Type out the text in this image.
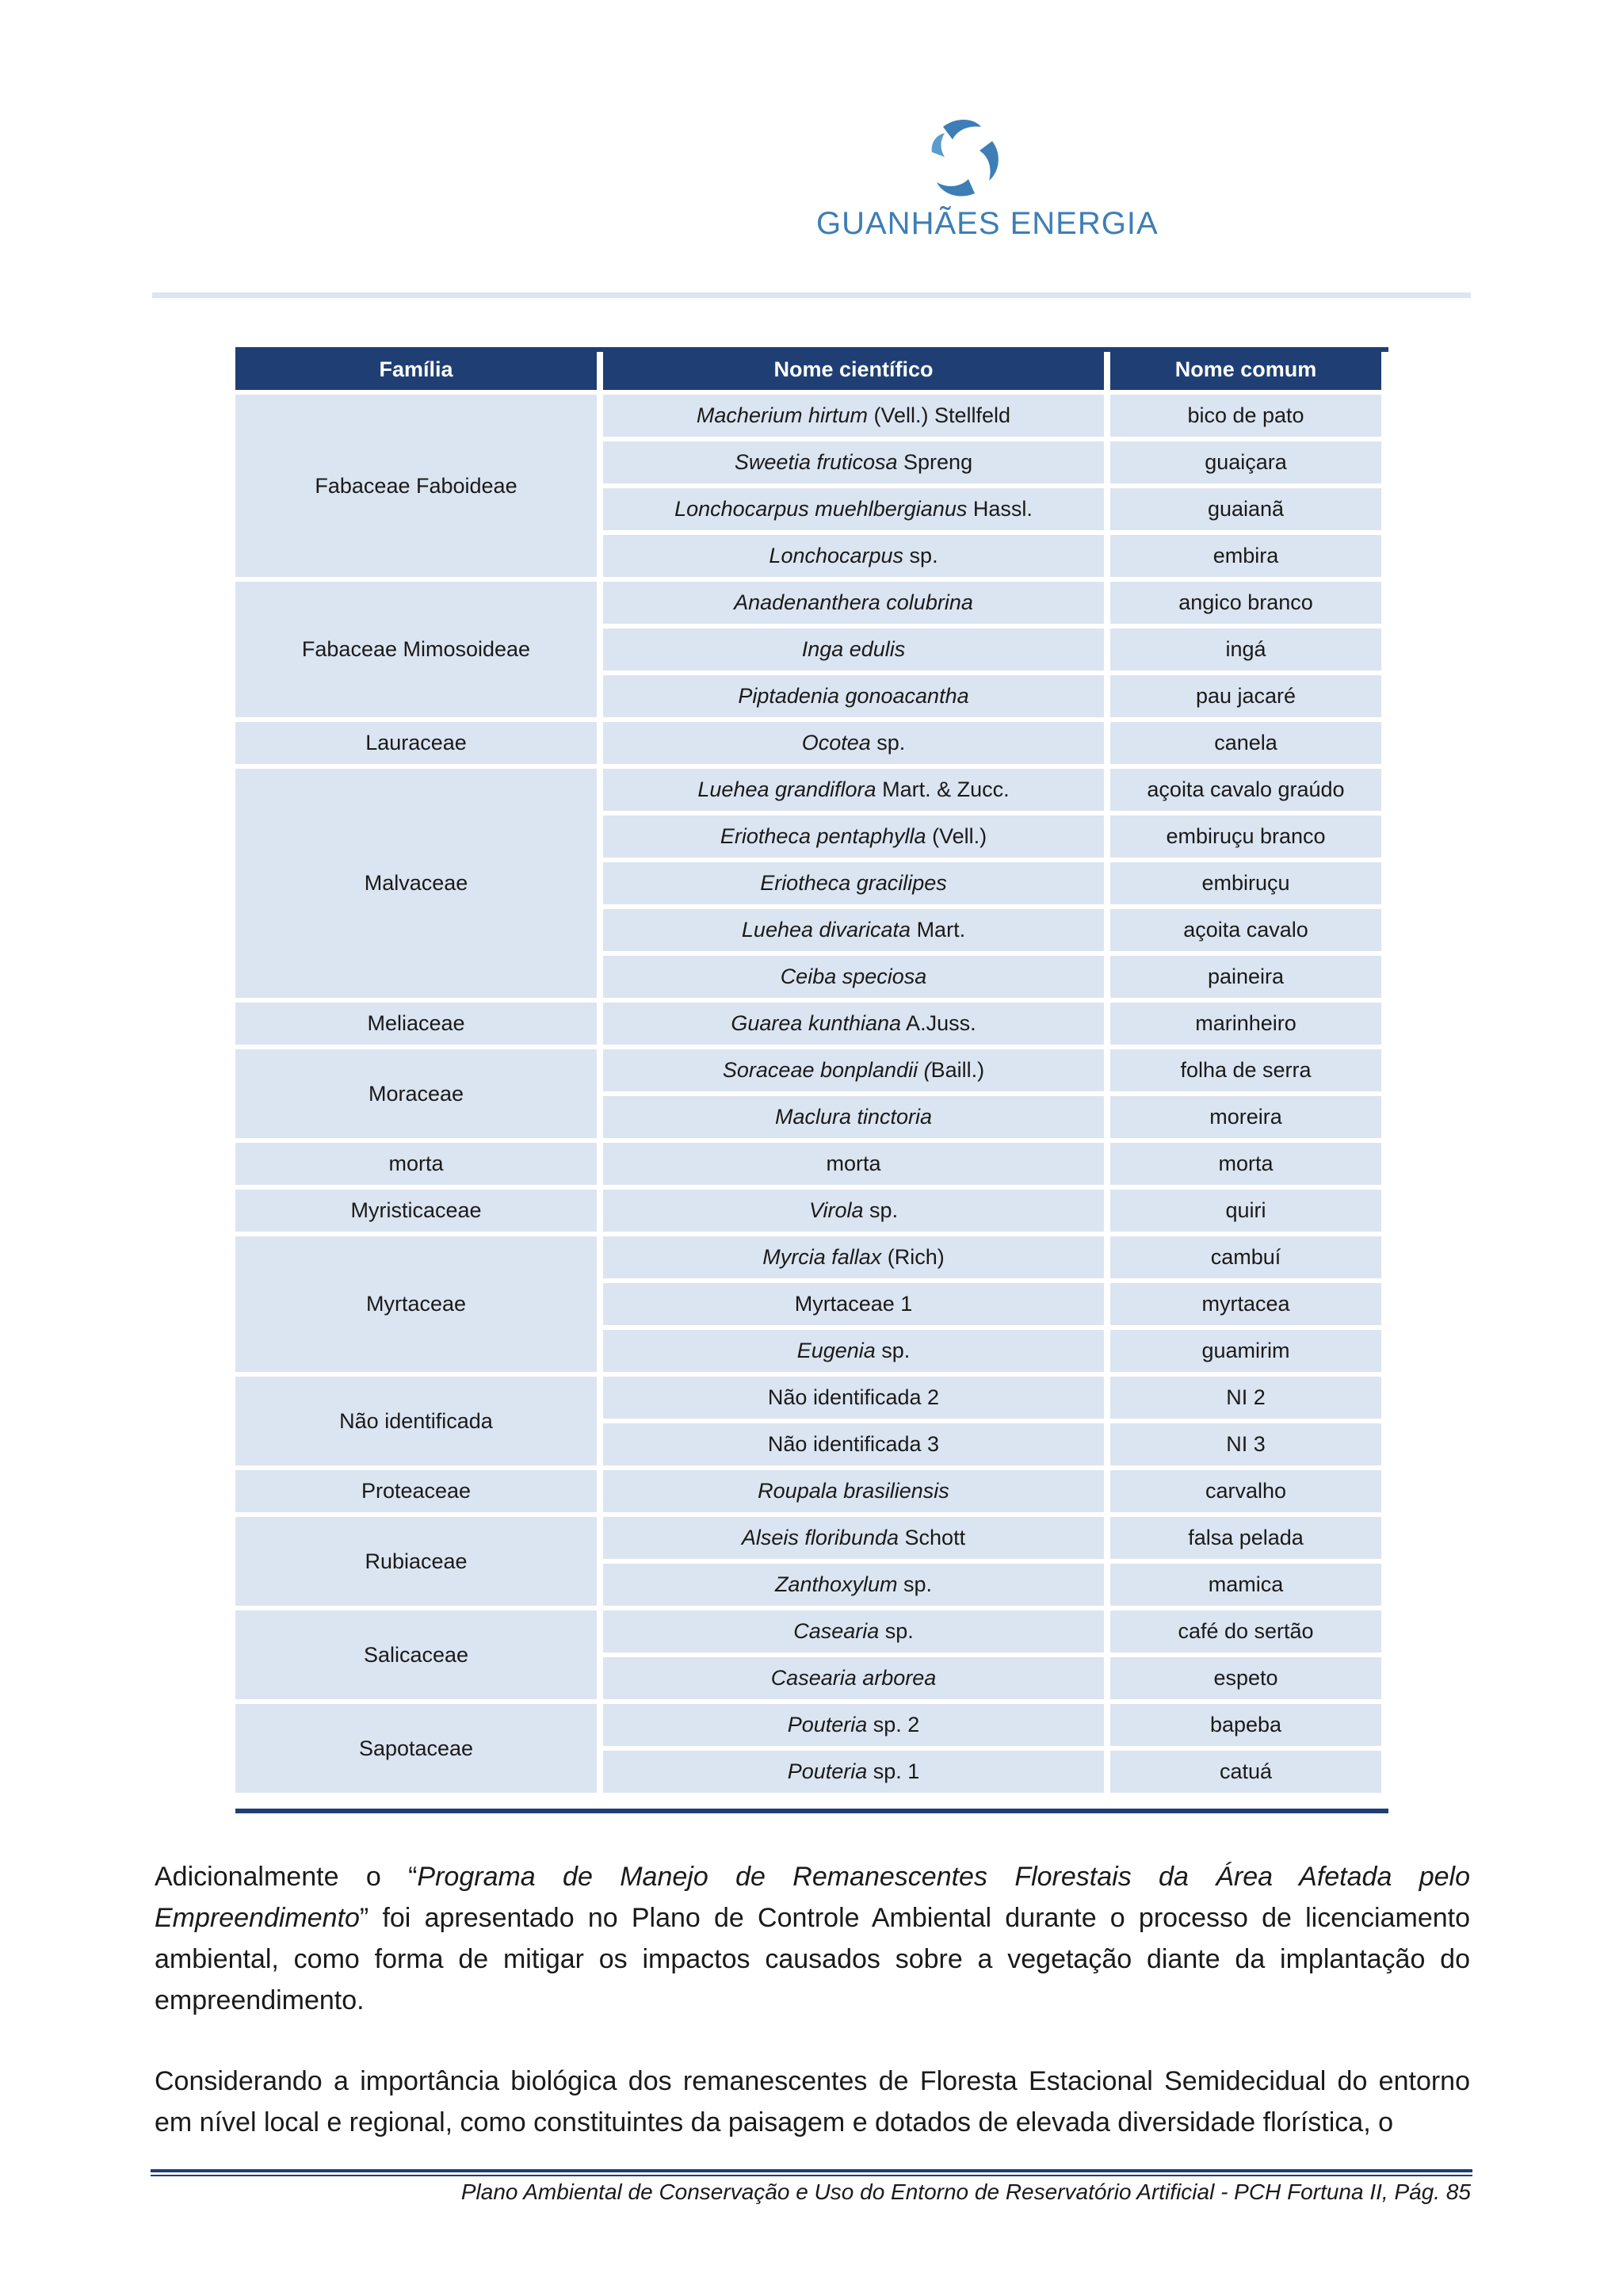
GUANHÃES ENERGIA
Família	Nome científico	Nome comum
Fabaceae Faboideae	Macherium hirtum (Vell.) Stellfeld	bico de pato
	Sweetia fruticosa Spreng	guaiçara
	Lonchocarpus muehlbergianus Hassl.	guaianã
	Lonchocarpus sp.	embira
Fabaceae Mimosoideae	Anadenanthera colubrina	angico branco
	Inga edulis	ingá
	Piptadenia gonoacantha	pau jacaré
Lauraceae	Ocotea sp.	canela
Malvaceae	Luehea grandiflora Mart. & Zucc.	açoita cavalo graúdo
	Eriotheca pentaphylla (Vell.)	embiruçu branco
	Eriotheca gracilipes	embiruçu
	Luehea divaricata Mart.	açoita cavalo
	Ceiba speciosa	paineira
Meliaceae	Guarea kunthiana A.Juss.	marinheiro
Moraceae	Soraceae bonplandii (Baill.)	folha de serra
	Maclura tinctoria	moreira
morta	morta	morta
Myristicaceae	Virola sp.	quiri
Myrtaceae	Myrcia fallax (Rich)	cambuí
	Myrtaceae 1	myrtacea
	Eugenia sp.	guamirim
Não identificada	Não identificada 2	NI 2
	Não identificada 3	NI 3
Proteaceae	Roupala brasiliensis	carvalho
Rubiaceae	Alseis floribunda Schott	falsa pelada
	Zanthoxylum sp.	mamica
Salicaceae	Casearia sp.	café do sertão
	Casearia arborea	espeto
Sapotaceae	Pouteria sp. 2	bapeba
	Pouteria sp. 1	catuá
Adicionalmente o “Programa de Manejo de Remanescentes Florestais da Área Afetada pelo Empreendimento” foi apresentado no Plano de Controle Ambiental durante o processo de licenciamento ambiental, como forma de mitigar os impactos causados sobre a vegetação diante da implantação do empreendimento.
Considerando a importância biológica dos remanescentes de Floresta Estacional Semidecidual do entorno em nível local e regional, como constituintes da paisagem e dotados de elevada diversidade florística, o
Plano Ambiental de Conservação e Uso do Entorno de Reservatório Artificial - PCH Fortuna II, Pág. 85
